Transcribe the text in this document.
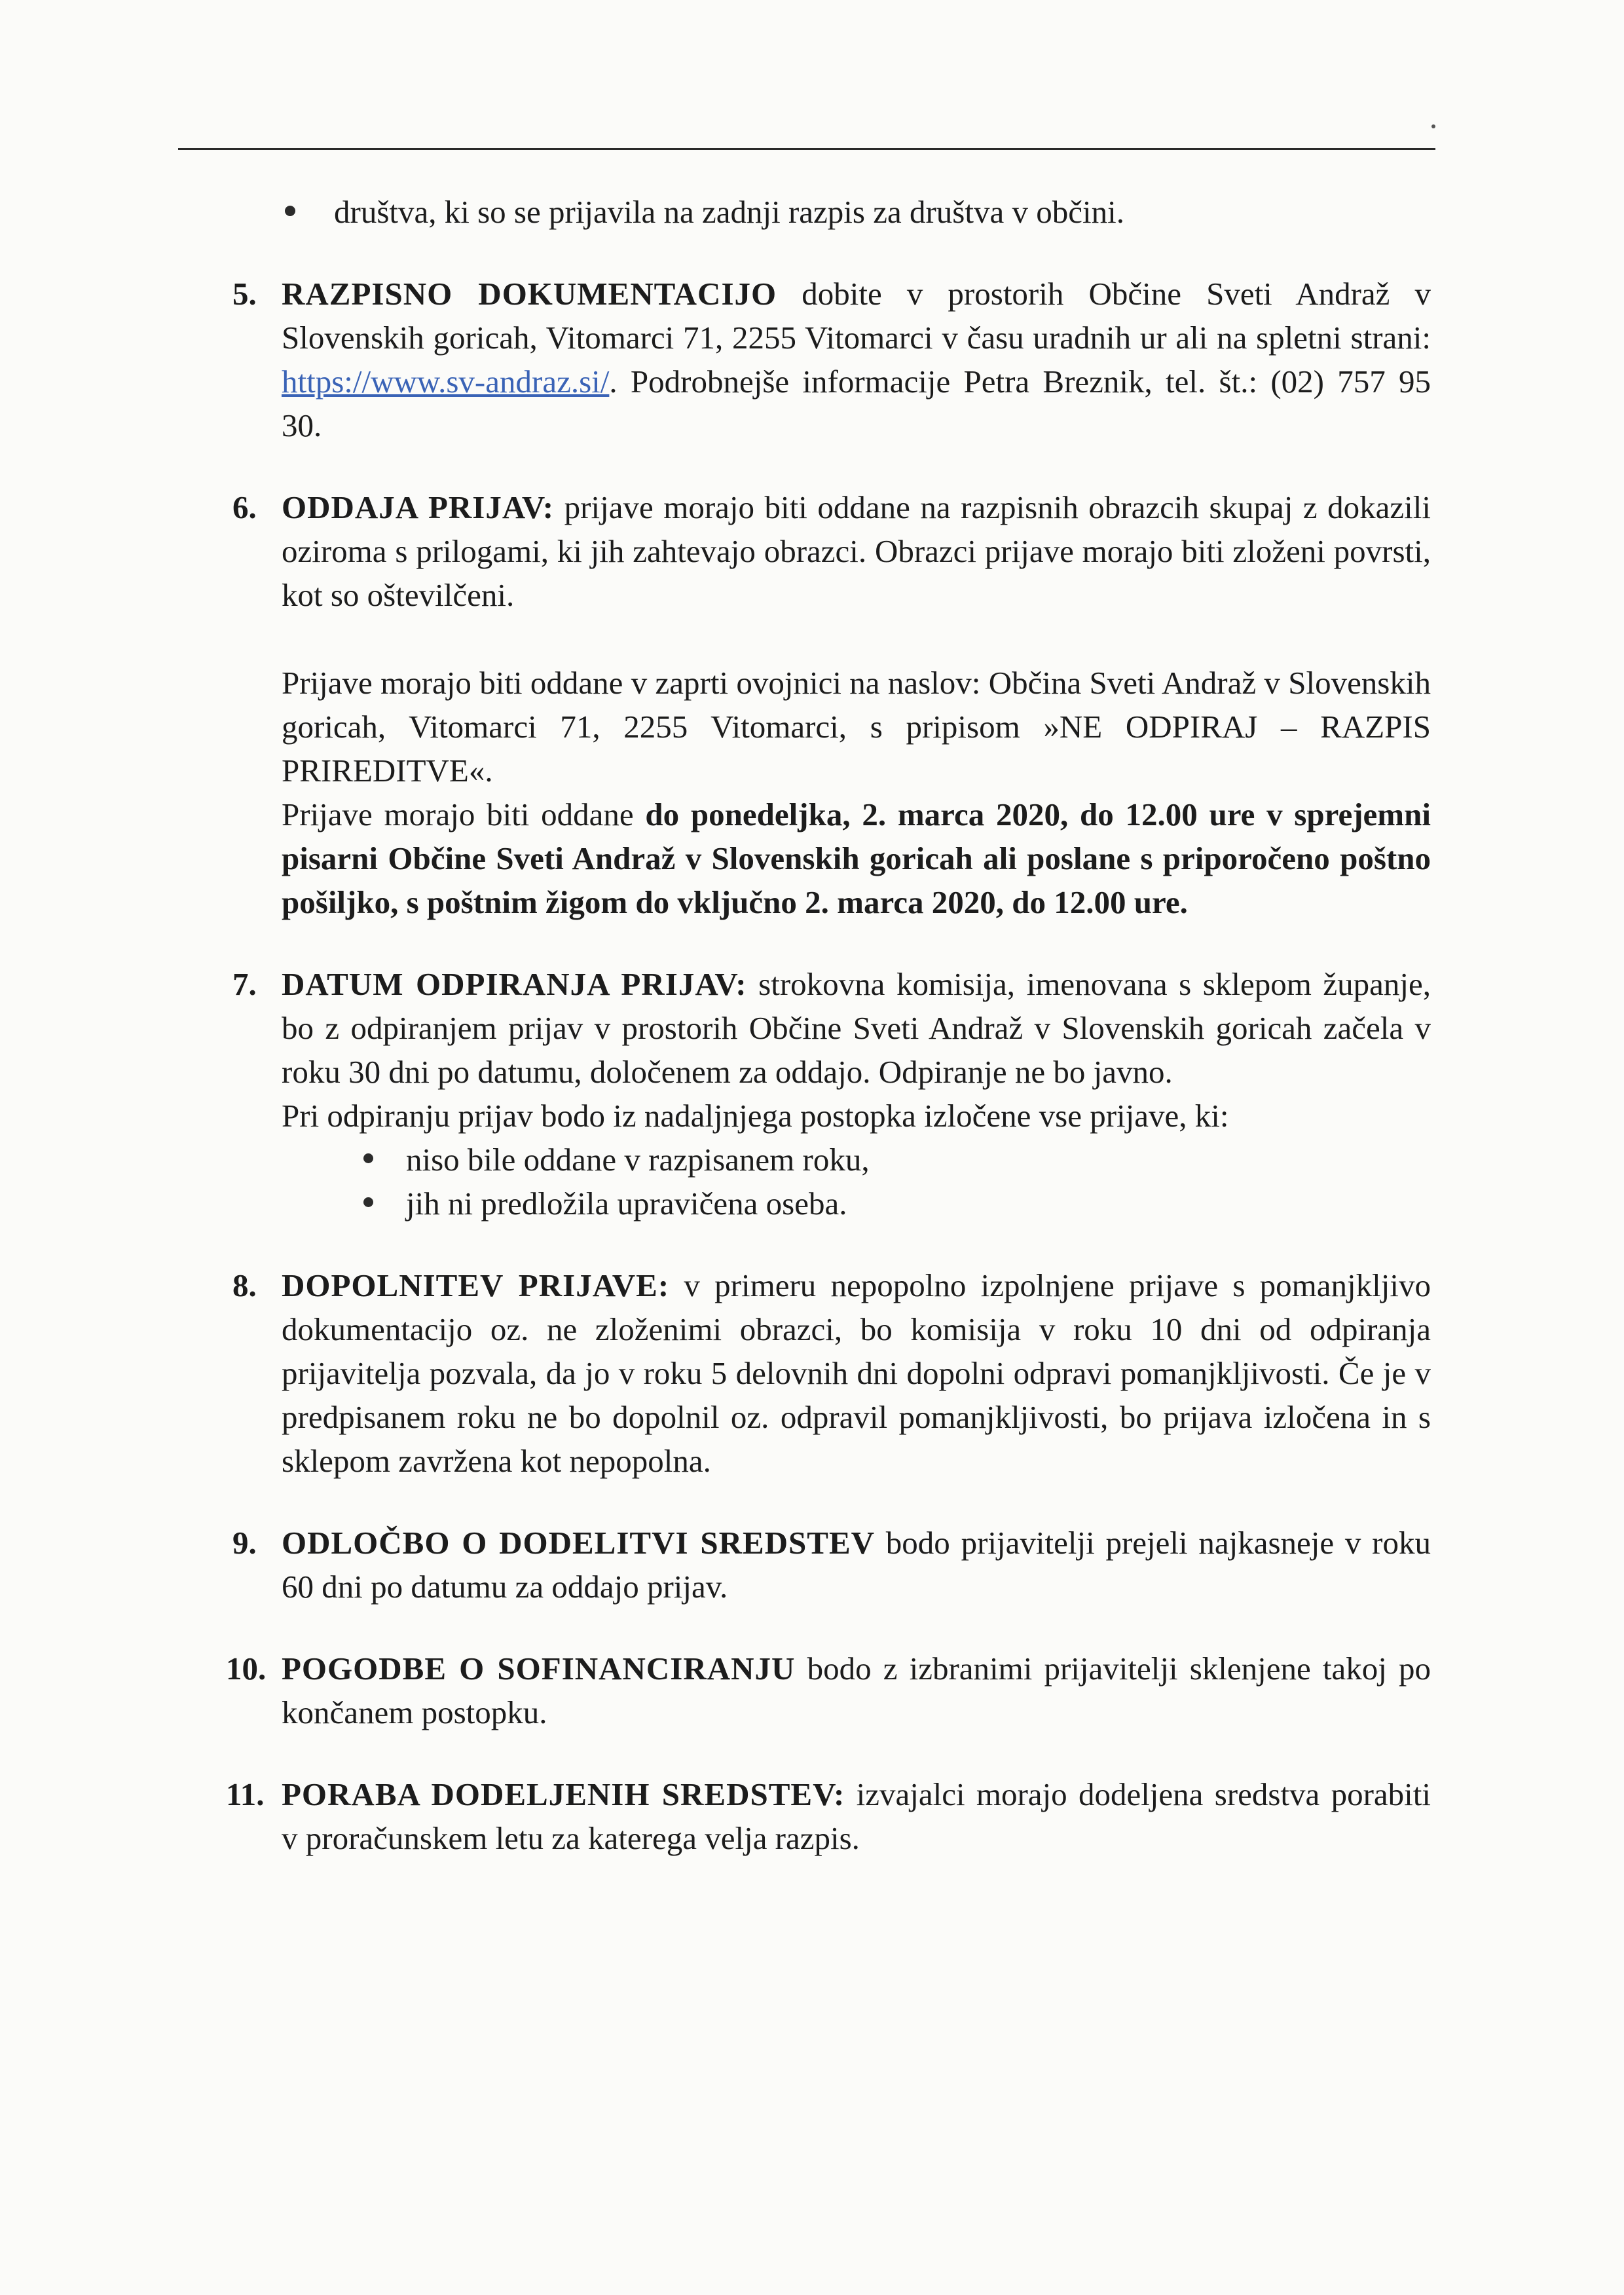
društva, ki so se prijavila na zadnji razpis za društva v občini.
5. RAZPISNO DOKUMENTACIJO dobite v prostorih Občine Sveti Andraž v Slovenskih goricah, Vitomarci 71, 2255 Vitomarci v času uradnih ur ali na spletni strani: https://www.sv-andraz.si/. Podrobnejše informacije Petra Breznik, tel. št.: (02) 757 95 30.

6. ODDAJA PRIJAV: prijave morajo biti oddane na razpisnih obrazcih skupaj z dokazili oziroma s prilogami, ki jih zahtevajo obrazci. Obrazci prijave morajo biti zloženi povrsti, kot so oštevilčeni.

Prijave morajo biti oddane v zaprti ovojnici na naslov: Občina Sveti Andraž v Slovenskih goricah, Vitomarci 71, 2255 Vitomarci, s pripisom »NE ODPIRAJ – RAZPIS PRIREDITVE«.

Prijave morajo biti oddane do ponedeljka, 2. marca 2020, do 12.00 ure v sprejemni pisarni Občine Sveti Andraž v Slovenskih goricah ali poslane s priporočeno poštno pošiljko, s poštnim žigom do vključno 2. marca 2020, do 12.00 ure.

7. DATUM ODPIRANJA PRIJAV: strokovna komisija, imenovana s sklepom županje, bo z odpiranjem prijav v prostorih Občine Sveti Andraž v Slovenskih goricah začela v roku 30 dni po datumu, določenem za oddajo. Odpiranje ne bo javno.

Pri odpiranju prijav bodo iz nadaljnjega postopka izločene vse prijave, ki:

niso bile oddane v razpisanem roku,
jih ni predložila upravičena oseba.
8. DOPOLNITEV PRIJAVE: v primeru nepopolno izpolnjene prijave s pomanjkljivo dokumentacijo oz. ne zloženimi obrazci, bo komisija v roku 10 dni od odpiranja prijavitelja pozvala, da jo v roku 5 delovnih dni dopolni odpravi pomanjkljivosti. Če je v predpisanem roku ne bo dopolnil oz. odpravil pomanjkljivosti, bo prijava izločena in s sklepom zavržena kot nepopolna.

9. ODLOČBO O DODELITVI SREDSTEV bodo prijavitelji prejeli najkasneje v roku 60 dni po datumu za oddajo prijav.

10. POGODBE O SOFINANCIRANJU bodo z izbranimi prijavitelji sklenjene takoj po končanem postopku.

11. PORABA DODELJENIH SREDSTEV: izvajalci morajo dodeljena sredstva porabiti v proračunskem letu za katerega velja razpis.
